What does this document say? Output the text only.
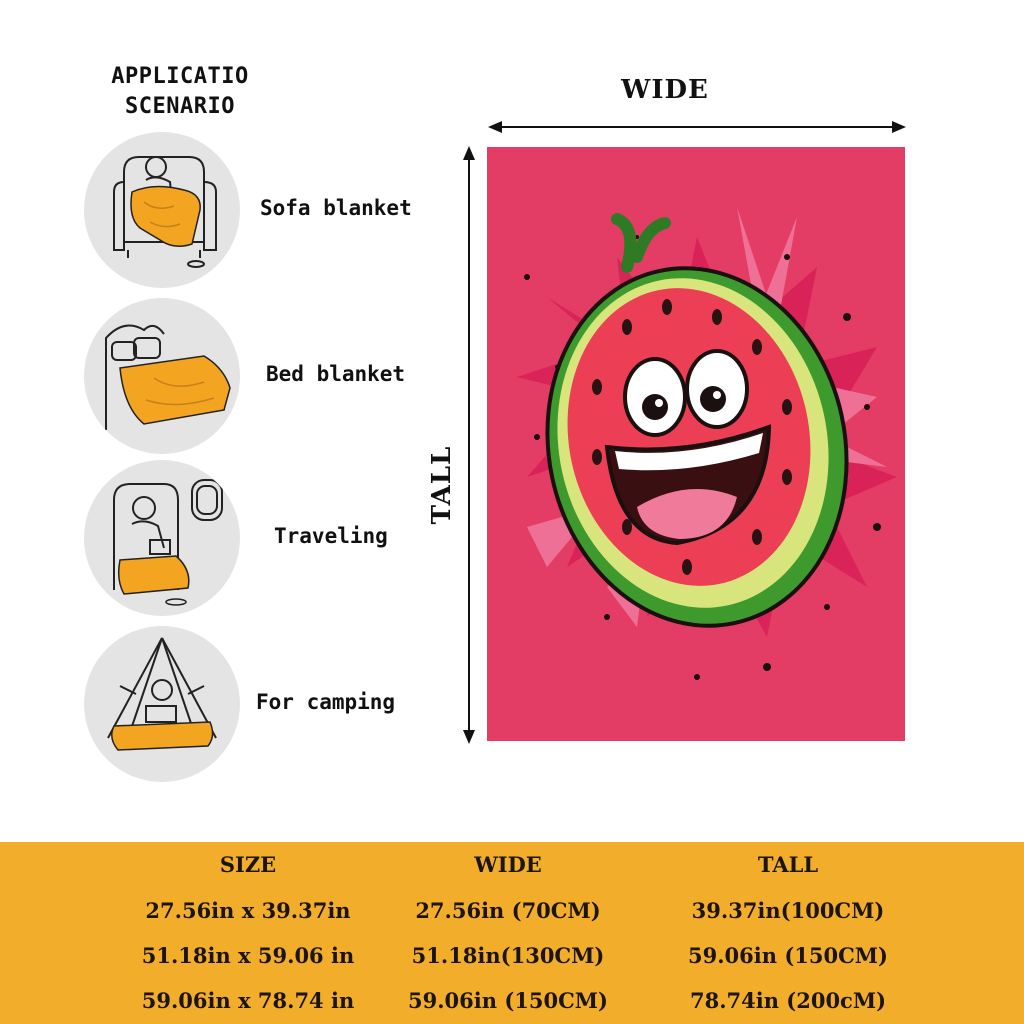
APPLICATIO
SCENARIO
Sofa blanket
Bed blanket
Traveling
For camping
WIDE
TALL
SIZE
27.56in x 39.37in
51.18in x 59.06 in
59.06in x 78.74 in
WIDE
27.56in (70CM)
51.18in(130CM)
59.06in (150CM)
TALL
39.37in(100CM)
59.06in (150CM)
78.74in (200cM)
